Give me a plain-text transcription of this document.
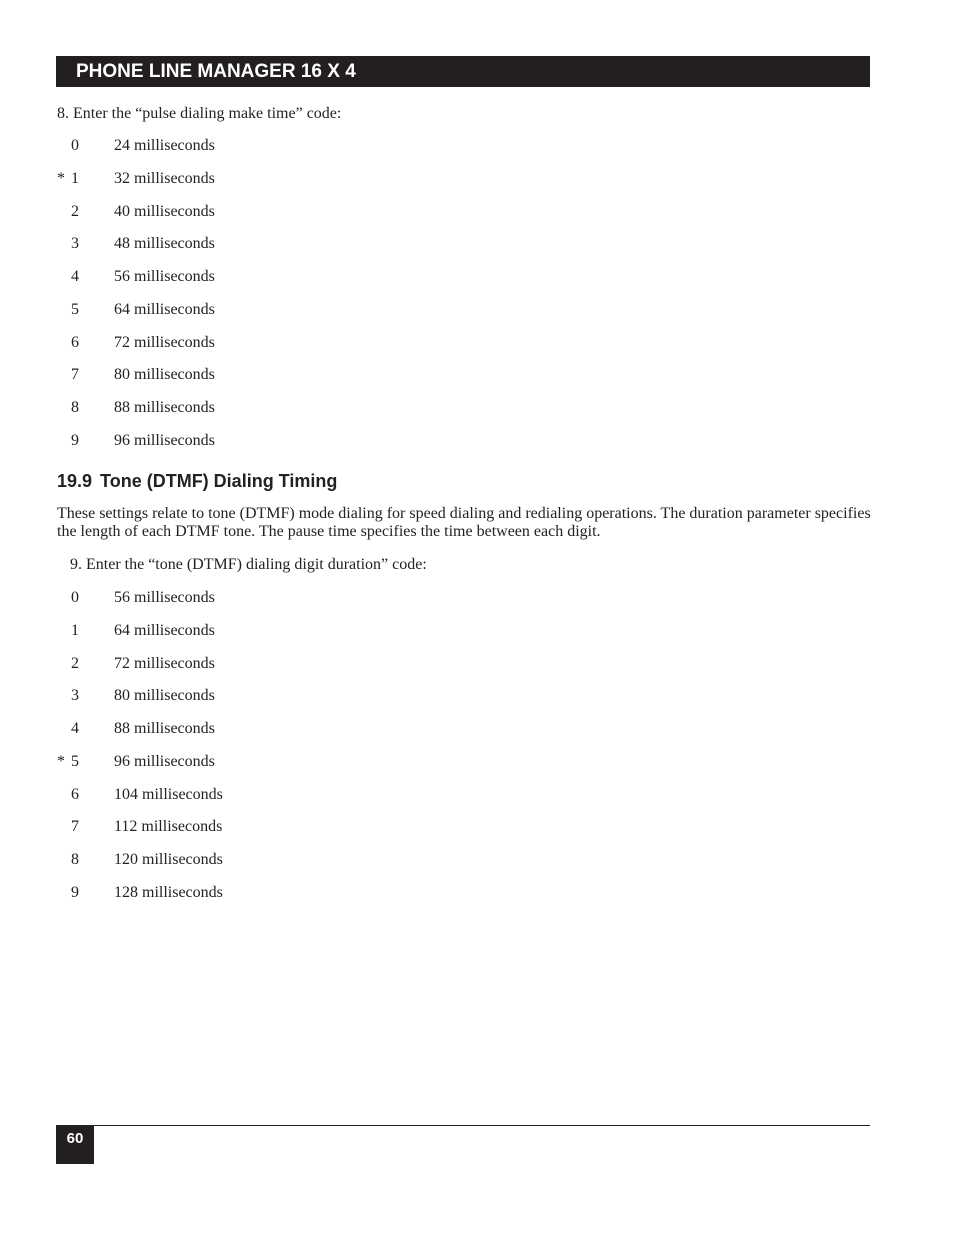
PHONE LINE MANAGER 16 X 4
8. Enter the “pulse dialing make time” code:
0 24 milliseconds
* 1 32 milliseconds
2 40 milliseconds
3 48 milliseconds
4 56 milliseconds
5 64 milliseconds
6 72 milliseconds
7 80 milliseconds
8 88 milliseconds
9 96 milliseconds
19.9 Tone (DTMF) Dialing Timing
These settings relate to tone (DTMF) mode dialing for speed dialing and redialing operations. The duration parameter specifies the length of each DTMF tone. The pause time specifies the time between each digit.
9. Enter the “tone (DTMF) dialing digit duration” code:
0 56 milliseconds
1 64 milliseconds
2 72 milliseconds
3 80 milliseconds
4 88 milliseconds
* 5 96 milliseconds
6 104 milliseconds
7 112 milliseconds
8 120 milliseconds
9 128 milliseconds
60
